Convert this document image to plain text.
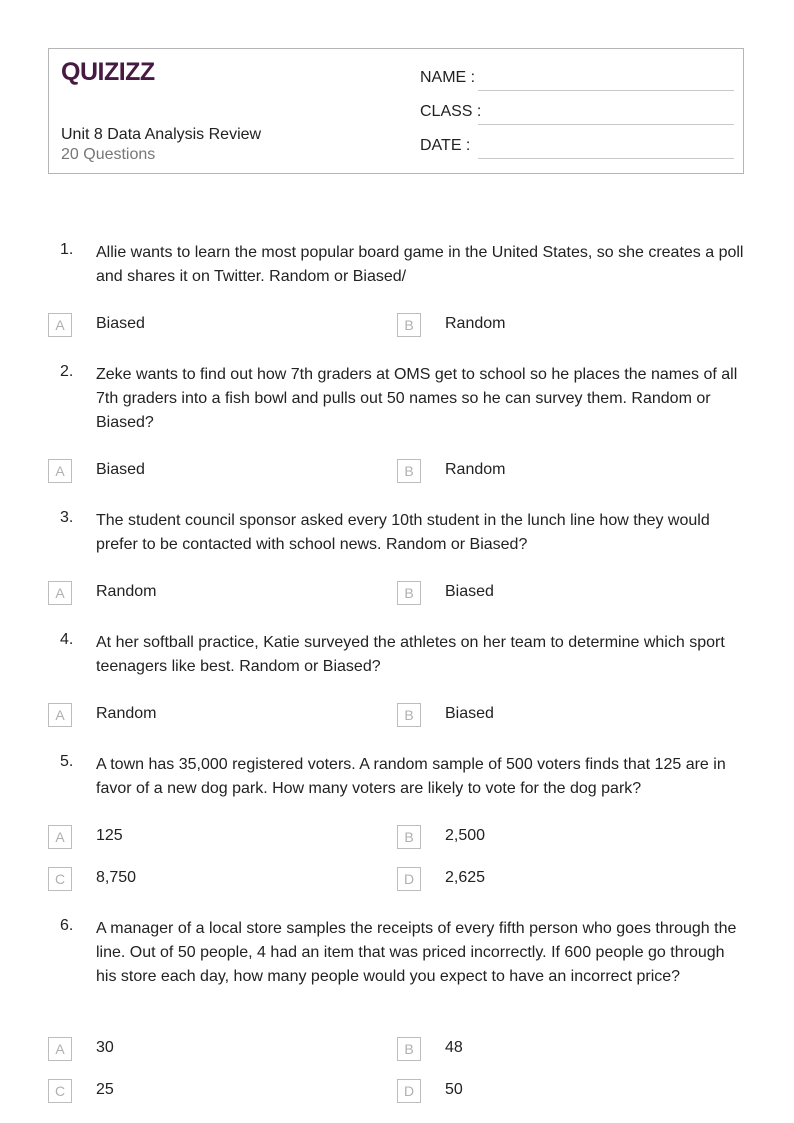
QUIZIZZ
Unit 8 Data Analysis Review
20 Questions
NAME :
CLASS :
DATE :
1. Allie wants to learn the most popular board game in the United States, so she creates a poll and shares it on Twitter. Random or Biased/
A	Biased	B	Random
2. Zeke wants to find out how 7th graders at OMS get to school so he places the names of all 7th graders into a fish bowl and pulls out 50 names so he can survey them. Random or Biased?
A	Biased	B	Random
3. The student council sponsor asked every 10th student in the lunch line how they would prefer to be contacted with school news. Random or Biased?
A	Random	B	Biased
4. At her softball practice, Katie surveyed the athletes on her team to determine which sport teenagers like best. Random or Biased?
A	Random	B	Biased
5. A town has 35,000 registered voters. A random sample of 500 voters finds that 125 are in favor of a new dog park. How many voters are likely to vote for the dog park?
A	125	B	2,500
C	8,750	D	2,625
6. A manager of a local store samples the receipts of every fifth person who goes through the line. Out of 50 people, 4 had an item that was priced incorrectly. If 600 people go through his store each day, how many people would you expect to have an incorrect price?
A	30	B	48
C	25	D	50
